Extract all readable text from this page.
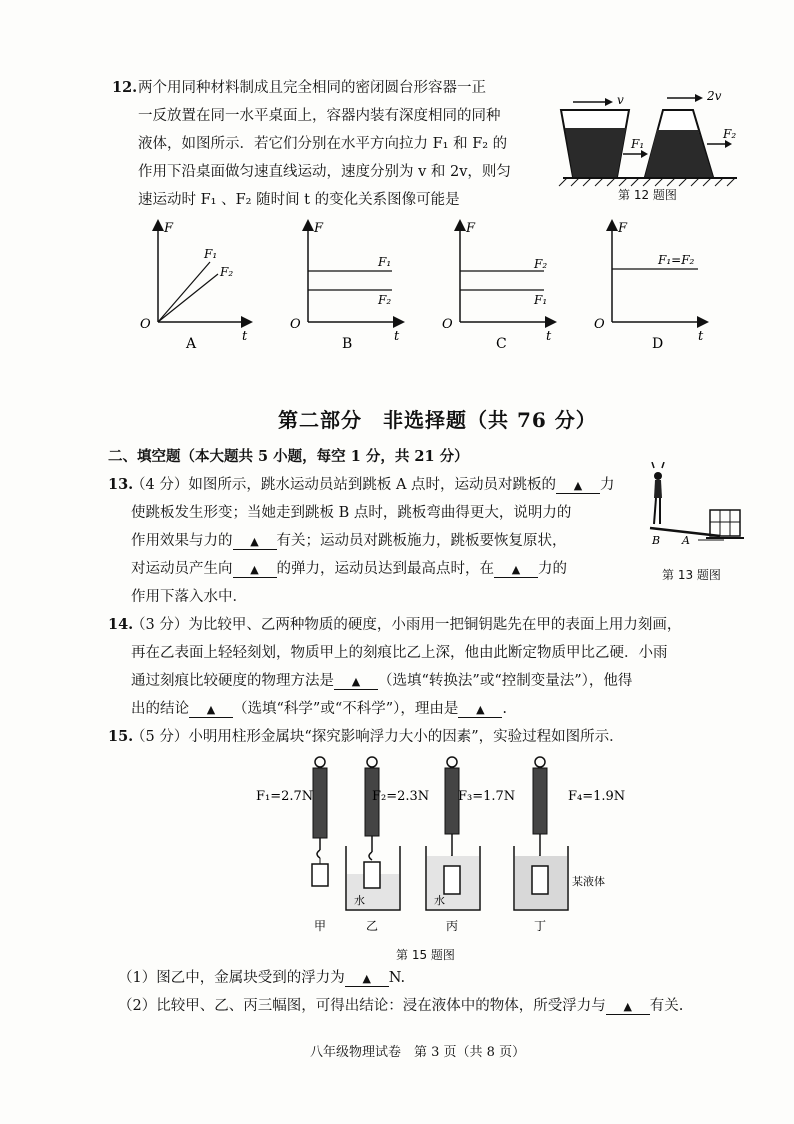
12. 两个用同种材料制成且完全相同的密闭圆台形容器一正
一反放置在同一水平桌面上，容器内装有深度相同的同种
液体，如图所示．若它们分别在水平方向拉力 F₁ 和 F₂ 的
作用下沿桌面做匀速直线运动，速度分别为 v 和 2v，则匀
速运动时 F₁ 、F₂ 随时间 t 的变化关系图像可能是
v	2v
F₁
F₂
第 12 题图
F
t
O
F₁
F₂
A
F
t
O
F₁
F₂
B
F
t
O
F₂
F₁
C
F
t
O
F₁=F₂
D
第二部分　非选择题（共 76 分）
二、填空题（本大题共 5 小题，每空 1 分，共 21 分）
13.
（4 分）如图所示，跳水运动员站到跳板 A 点时，运动员对跳板的 ▲ 力
使跳板发生形变；当她走到跳板 B 点时，跳板弯曲得更大，说明力的
作用效果与力的 ▲ 有关；运动员对跳板施力，跳板要恢复原状，
对运动员产生向 ▲ 的弹力，运动员达到最高点时，在 ▲ 力的
作用下落入水中．
B A
第 13 题图
14.
（3 分）为比较甲、乙两种物质的硬度，小雨用一把铜钥匙先在甲的表面上用力刻画，
再在乙表面上轻轻刻划，物质甲上的刻痕比乙上深，他由此断定物质甲比乙硬．小雨
通过刻痕比较硬度的物理方法是 ▲ （选填“转换法”或“控制变量法”），他得
出的结论 ▲ （选填“科学”或“不科学”），理由是 ▲ .
15.
（5 分）小明用柱形金属块“探究影响浮力大小的因素”，实验过程如图所示．
F₁=2.7N
水
F₂=2.3N
水
F₃=1.7N	F₄=1.9N
某液体
甲	乙	丙	丁
第 15 题图
（1）图乙中，金属块受到的浮力为 ▲ N.
（2）比较甲、乙、丙三幅图，可得出结论：浸在液体中的物体，所受浮力与 ▲ 有关.
八年级物理试卷　第 3 页（共 8 页）
